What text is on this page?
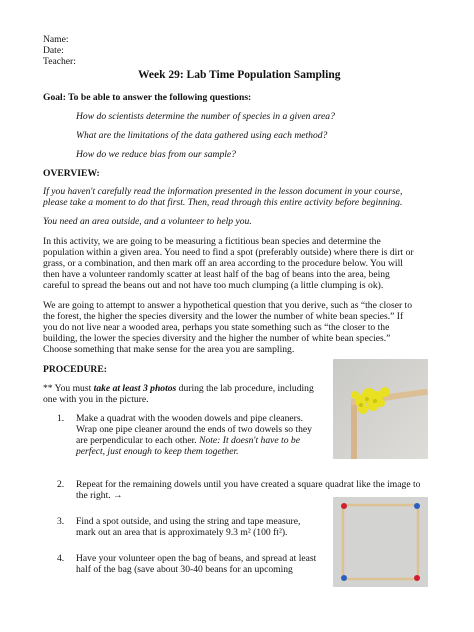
Name:

Date:

Teacher:

Week 29: Lab Time Population Sampling

Goal: To be able to answer the following questions:

How do scientists determine the number of species in a given area?

What are the limitations of the data gathered using each method?

How do we reduce bias from our sample?

OVERVIEW:

If you haven't carefully read the information presented in the lesson document in your course,

please take a moment to do that first. Then, read through this entire activity before beginning.

You need an area outside, and a volunteer to help you.

In this activity, we are going to be measuring a fictitious bean species and determine the

population within a given area. You need to find a spot (preferably outside) where there is dirt or

grass, or a combination, and then mark off an area according to the procedure below. You will

then have a volunteer randomly scatter at least half of the bag of beans into the area, being

careful to spread the beans out and not have too much clumping (a little clumping is ok).

We are going to attempt to answer a hypothetical question that you derive, such as “the closer to

the forest, the higher the species diversity and the lower the number of white bean species.” If

you do not live near a wooded area, perhaps you state something such as “the closer to the

building, the lower the species diversity and the higher the number of white bean species.”

Choose something that make sense for the area you are sampling.

PROCEDURE:

** You must take at least 3 photos during the lab procedure, including

one with you in the picture.

1. Make a quadrat with the wooden dowels and pipe cleaners.

Wrap one pipe cleaner around the ends of two dowels so they

are perpendicular to each other. Note: It doesn't have to be

perfect, just enough to keep them together.

2. Repeat for the remaining dowels until you have created a square quadrat like the image to

the right. →

3. Find a spot outside, and using the string and tape measure,

mark out an area that is approximately 9.3 m² (100 ft²).

4. Have your volunteer open the bag of beans, and spread at least

half of the bag (save about 30-40 beans for an upcoming
